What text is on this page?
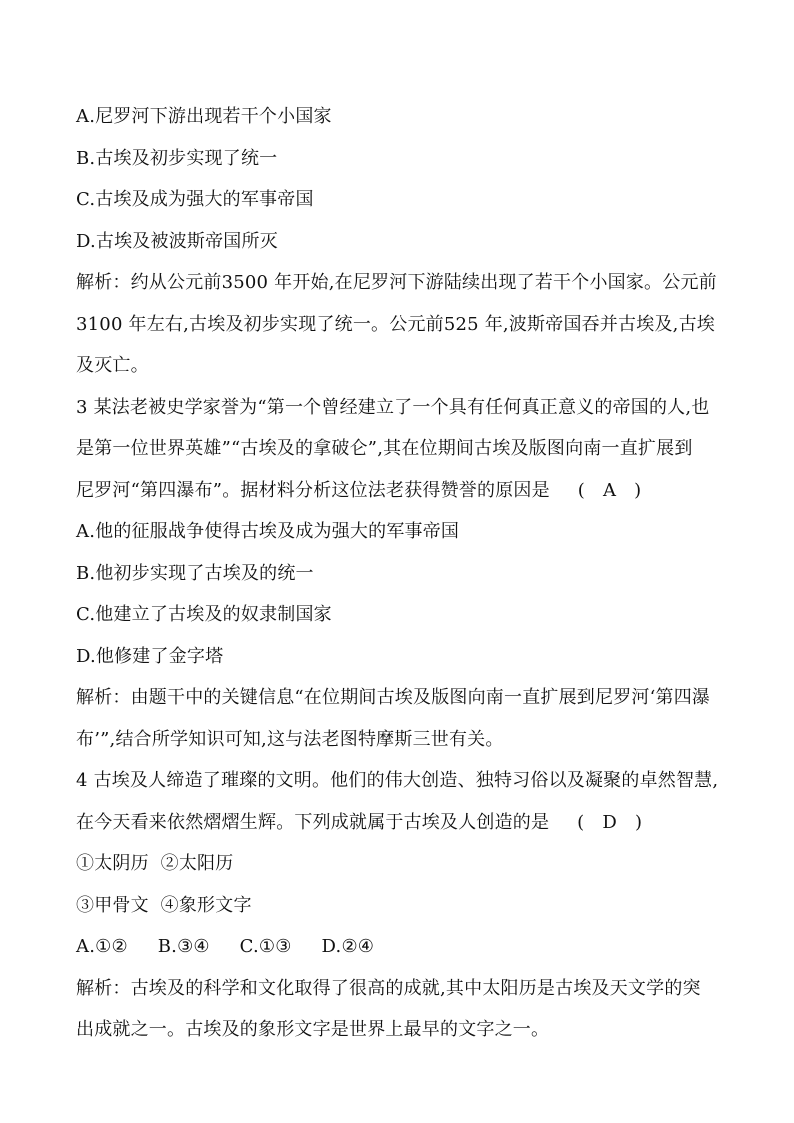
A.尼罗河下游出现若干个小国家
B.古埃及初步实现了统一
C.古埃及成为强大的军事帝国
D.古埃及被波斯帝国所灭
解析：约从公元前3500 年开始,在尼罗河下游陆续出现了若干个小国家。公元前
3100 年左右,古埃及初步实现了统一。公元前525 年,波斯帝国吞并古埃及,古埃
及灭亡。
3 某法老被史学家誉为“第一个曾经建立了一个具有任何真正意义的帝国的人,也
是第一位世界英雄”“古埃及的拿破仑”,其在位期间古埃及版图向南一直扩展到
尼罗河“第四瀑布”。据材料分析这位法老获得赞誉的原因是 ( A )
A.他的征服战争使得古埃及成为强大的军事帝国
B.他初步实现了古埃及的统一
C.他建立了古埃及的奴隶制国家
D.他修建了金字塔
解析：由题干中的关键信息“在位期间古埃及版图向南一直扩展到尼罗河‘第四瀑
布’”,结合所学知识可知,这与法老图特摩斯三世有关。
4 古埃及人缔造了璀璨的文明。他们的伟大创造、独特习俗以及凝聚的卓然智慧,
在今天看来依然熠熠生辉。下列成就属于古埃及人创造的是 ( D )
①太阴历  ②太阳历
③甲骨文  ④象形文字
A.①② B.③④ C.①③ D.②④
解析：古埃及的科学和文化取得了很高的成就,其中太阳历是古埃及天文学的突
出成就之一。古埃及的象形文字是世界上最早的文字之一。
